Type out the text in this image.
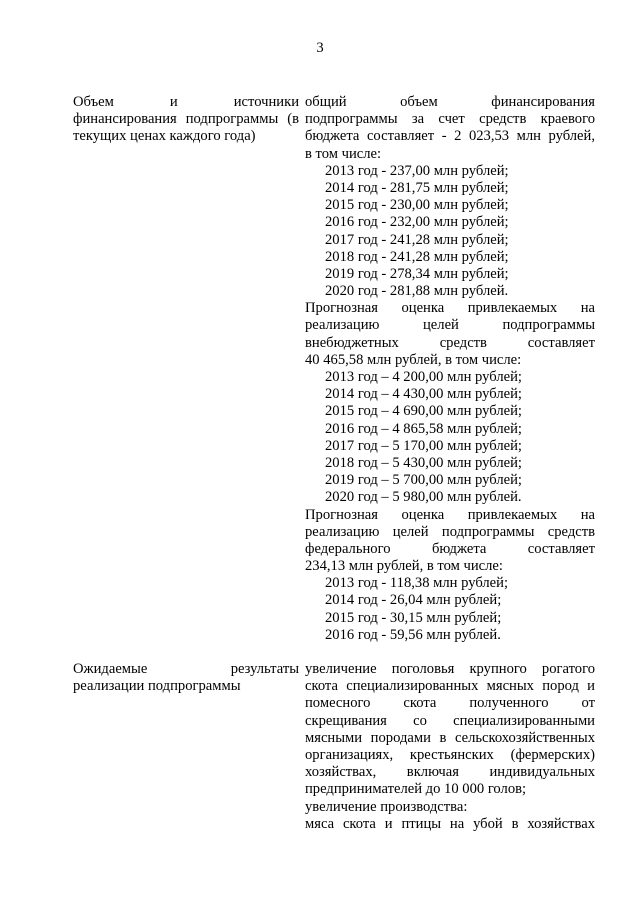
3
Объем и источники
финансирования подпрограммы (в
текущих ценах каждого года)
общий объем финансирования
подпрограммы за счет средств краевого
бюджета составляет - 2 023,53 млн рублей,
в том числе:
2013 год - 237,00 млн рублей;
2014 год - 281,75 млн рублей;
2015 год - 230,00 млн рублей;
2016 год - 232,00 млн рублей;
2017 год - 241,28 млн рублей;
2018 год - 241,28 млн рублей;
2019 год - 278,34 млн рублей;
2020 год - 281,88 млн рублей.
Прогнозная оценка привлекаемых на
реализацию целей подпрограммы
внебюджетных средств составляет
40 465,58 млн рублей, в том числе:
2013 год – 4 200,00 млн рублей;
2014 год – 4 430,00 млн рублей;
2015 год – 4 690,00 млн рублей;
2016 год – 4 865,58 млн рублей;
2017 год – 5 170,00 млн рублей;
2018 год – 5 430,00 млн рублей;
2019 год – 5 700,00 млн рублей;
2020 год – 5 980,00 млн рублей.
Прогнозная оценка привлекаемых на
реализацию целей подпрограммы средств
федерального бюджета составляет
234,13 млн рублей, в том числе:
2013 год - 118,38 млн рублей;
2014 год - 26,04 млн рублей;
2015 год - 30,15 млн рублей;
2016 год - 59,56 млн рублей.
Ожидаемые результаты
реализации подпрограммы
увеличение поголовья крупного рогатого
скота специализированных мясных пород и
помесного скота полученного от
скрещивания со специализированными
мясными породами в сельскохозяйственных
организациях, крестьянских (фермерских)
хозяйствах, включая индивидуальных
предпринимателей до 10 000 голов;
увеличение производства:
мяса скота и птицы на убой в хозяйствах
